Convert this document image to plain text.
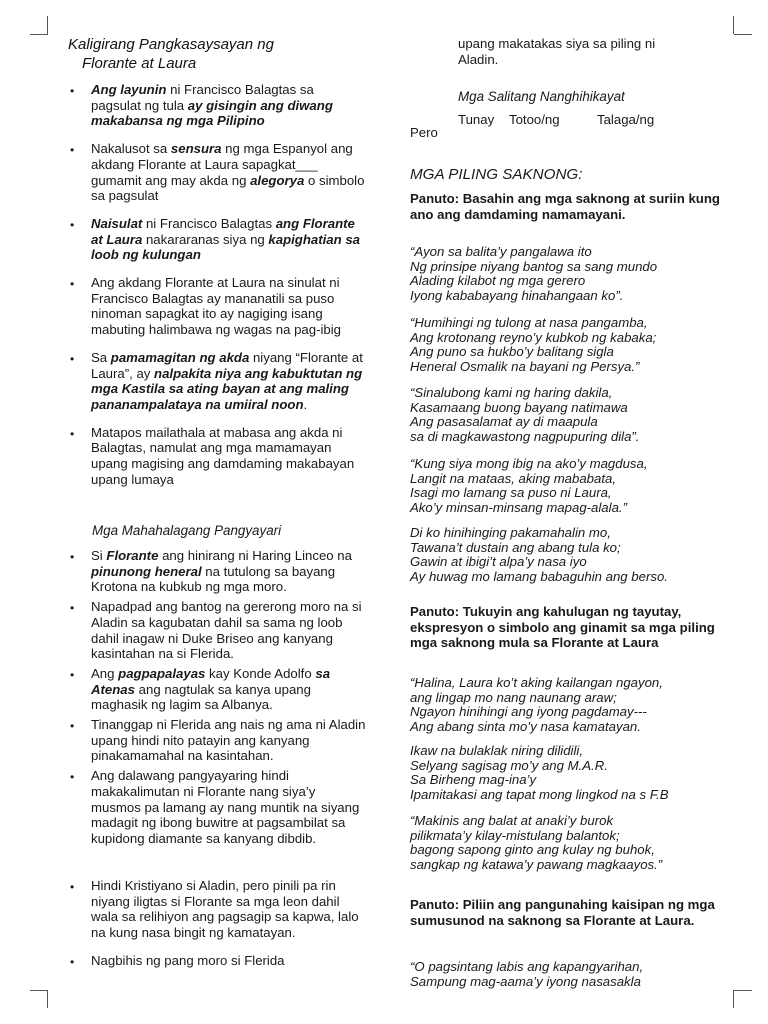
Kaligirang Pangkasaysayan ng
Florante at Laura
• Ang layunin ni Francisco Balagtas sa pagsulat ng tula ay gisingin ang diwang makabansa ng mga Pilipino
• Nakalusot sa sensura ng mga Espanyol ang akdang Florante at Laura sapagkat___ gumamit ang may akda ng alegorya o simbolo sa pagsulat
• Naisulat ni Francisco Balagtas ang Florante at Laura nakararanas siya ng kapighatian sa loob ng kulungan
• Ang akdang Florante at Laura na sinulat ni Francisco Balagtas ay mananatili sa puso ninoman sapagkat ito ay nagiging isang mabuting halimbawa ng wagas na pag-ibig
• Sa pamamagitan ng akda niyang “Florante at Laura”, ay nalpakita niya ang kabuktutan ng mga Kastila sa ating bayan at ang maling pananampalataya na umiiral noon.
• Matapos mailathala at mabasa ang akda ni Balagtas, namulat ang mga mamamayan upang magising ang damdaming makabayan upang lumaya
Mga Mahahalagang Pangyayari
• Si Florante ang hinirang ni Haring Linceo na pinunong heneral na tutulong sa bayang Krotona na kubkub ng mga moro.
• Napadpad ang bantog na gererong moro na si Aladin sa kagubatan dahil sa sama ng loob dahil inagaw ni Duke Briseo ang kanyang kasintahan na si Flerida.
• Ang pagpapalayas kay Konde Adolfo sa Atenas ang nagtulak sa kanya upang maghasik ng lagim sa Albanya.
• Tinanggap ni Flerida ang nais ng ama ni Aladin upang hindi nito patayin ang kanyang pinakamamahal na kasintahan.
• Ang dalawang pangyayaring hindi makakalimutan ni Florante nang siya’y musmos pa lamang ay nang muntik na siyang madagit ng ibong buwitre at pagsambilat sa kupidong diamante sa kanyang dibdib.
• Hindi Kristiyano si Aladin, pero pinili pa rin niyang iligtas si Florante sa mga leon dahil wala sa relihiyon ang pagsagip sa kapwa, lalo na kung nasa bingit ng kamatayan.
• Nagbihis ng pang moro si Flerida
upang makatakas siya sa piling ni
Aladin.
Mga Salitang Nanghihikayat
Tunay Totoo/ng	Talaga/ng
Pero
MGA PILING SAKNONG:
Panuto: Basahin ang mga saknong at suriin kung ano ang damdaming namamayani.
“Ayon sa balita’y pangalawa ito
Ng prinsipe niyang bantog sa sang mundo
Alading kilabot ng mga gerero
Iyong kababayang hinahangaan ko”.
“Humihingi ng tulong at nasa pangamba,
Ang krotonang reyno’y kubkob ng kabaka;
Ang puno sa hukbo’y balitang sigla
Heneral Osmalik na bayani ng Persya.”
“Sinalubong kami ng haring dakila,
Kasamaang buong bayang natimawa
Ang pasasalamat ay di maapula
sa di magkawastong nagpupuring dila”.
“Kung siya mong ibig na ako’y magdusa,
Langit na mataas, aking mababata,
Isagi mo lamang sa puso ni Laura,
Ako’y minsan-minsang mapag-alala.”
Di ko hinihinging pakamahalin mo,
Tawana’t dustain ang abang tula ko;
Gawin at ibigi’t alpa’y nasa iyo
Ay huwag mo lamang babaguhin ang berso.
Panuto: Tukuyin ang kahulugan ng tayutay, ekspresyon o simbolo ang ginamit sa mga piling mga saknong mula sa Florante at Laura
“Halina, Laura ko’t aking kailangan ngayon,
ang lingap mo nang naunang araw;
Ngayon hinihingi ang iyong pagdamay---
Ang abang sinta mo’y nasa kamatayan.
Ikaw na bulaklak niring dilidili,
Selyang sagisag mo’y ang M.A.R.
Sa Birheng mag-ina’y
Ipamitakasi ang tapat mong lingkod na s F.B
“Makinis ang balat at anaki’y burok
pilikmata’y kilay-mistulang balantok;
bagong sapong ginto ang kulay ng buhok,
sangkap ng katawa’y pawang magkaayos.”
Panuto: Piliin ang pangunahing kaisipan ng mga sumusunod na saknong sa Florante at Laura.
“O pagsintang labis ang kapangyarihan,
Sampung mag-aama’y iyong nasasakla
